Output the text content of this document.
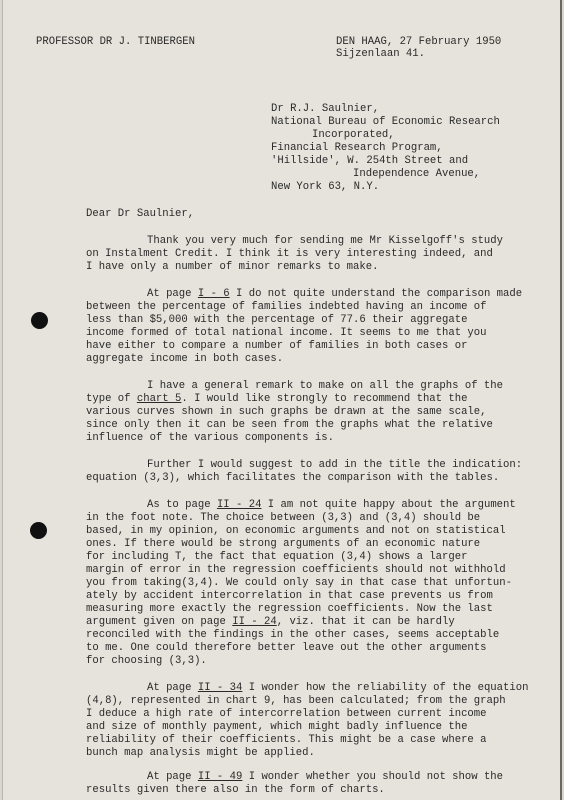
PROFESSOR DR J. TINBERGEN	DEN HAAG, 27 February 1950
Sijzenlaan 41.
Dr R.J. Saulnier,
National Bureau of Economic Research
Incorporated,
Financial Research Program,
'Hillside', W. 254th Street and
Independence Avenue,
New York 63, N.Y.
Dear Dr Saulnier,
Thank you very much for sending me Mr Kisselgoff's study
on Instalment Credit. I think it is very interesting indeed, and
I have only a number of minor remarks to make.
At page I - 6 I do not quite understand the comparison made
between the percentage of families indebted having an income of
less than $5,000 with the percentage of 77.6 their aggregate
income formed of total national income. It seems to me that you
have either to compare a number of families in both cases or
aggregate income in both cases.
I have a general remark to make on all the graphs of the
type of chart 5. I would like strongly to recommend that the
various curves shown in such graphs be drawn at the same scale,
since only then it can be seen from the graphs what the relative
influence of the various components is.
Further I would suggest to add in the title the indication:
equation (3,3), which facilitates the comparison with the tables.
As to page II - 24 I am not quite happy about the argument
in the foot note. The choice between (3,3) and (3,4) should be
based, in my opinion, on economic arguments and not on statistical
ones. If there would be strong arguments of an economic nature
for including T, the fact that equation (3,4) shows a larger
margin of error in the regression coefficients should not withhold
you from taking(3,4). We could only say in that case that unfortun-
ately by accident intercorrelation in that case prevents us from
measuring more exactly the regression coefficients. Now the last
argument given on page II - 24, viz. that it can be hardly
reconciled with the findings in the other cases, seems acceptable
to me. One could therefore better leave out the other arguments
for choosing (3,3).
At page II - 34 I wonder how the reliability of the equation
(4,8), represented in chart 9, has been calculated; from the graph
I deduce a high rate of intercorrelation between current income
and size of monthly payment, which might badly influence the
reliability of their coefficients. This might be a case where a
bunch map analysis might be applied.
At page II - 49 I wonder whether you should not show the
results given there also in the form of charts.
